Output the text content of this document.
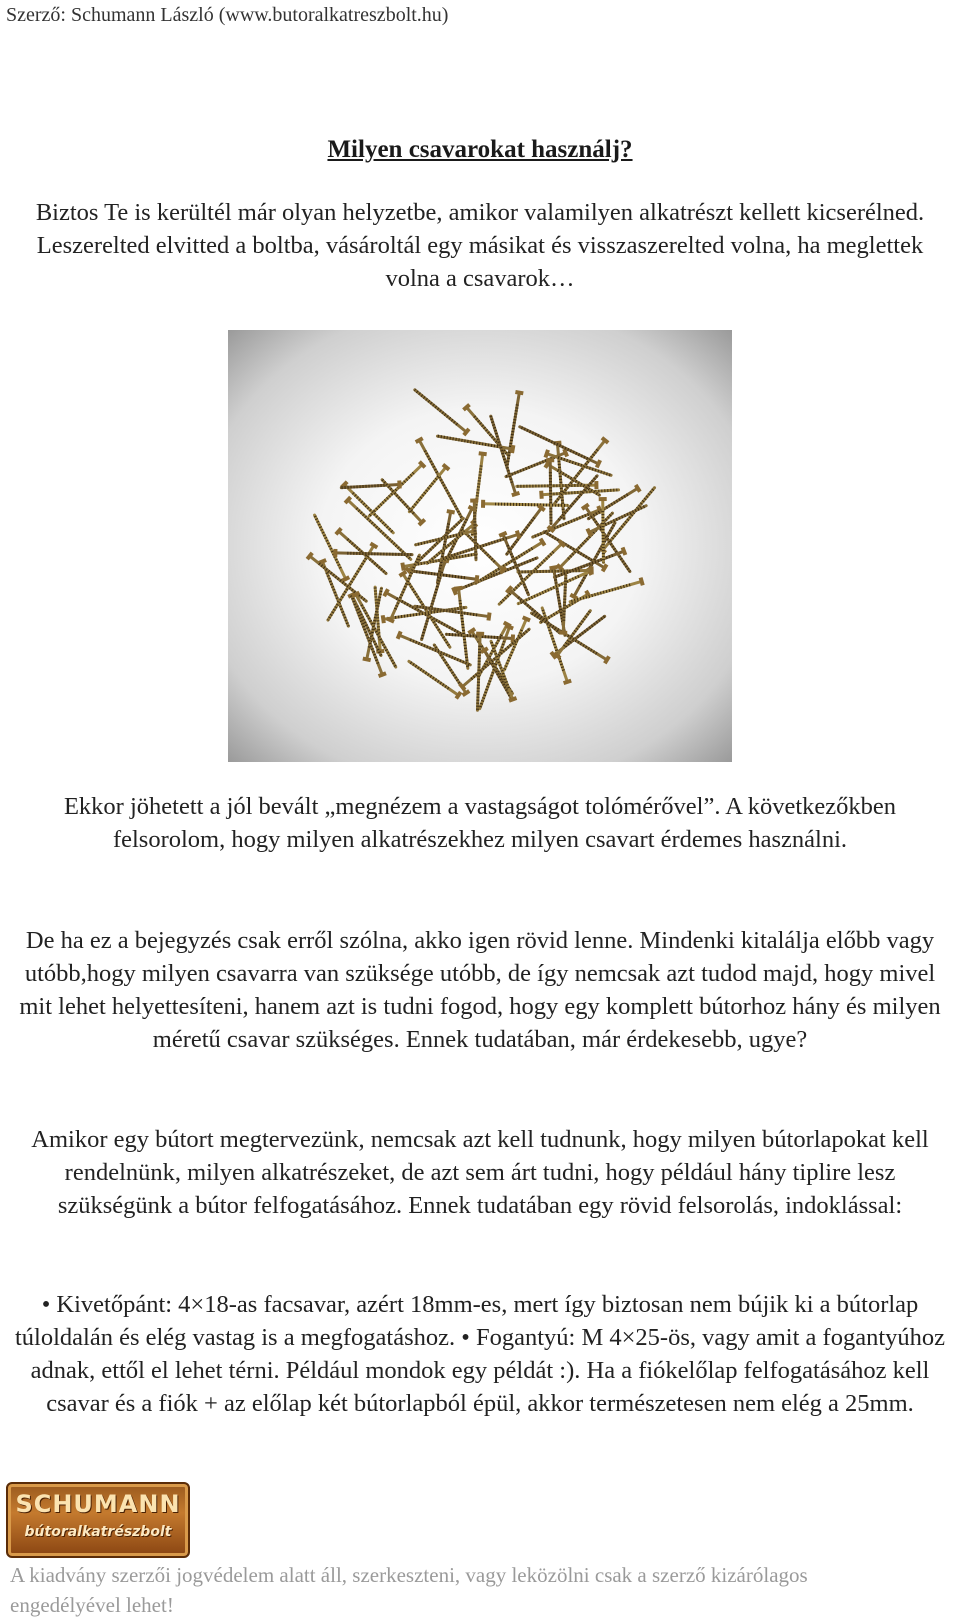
Szerző: Schumann László (www.butoralkatreszbolt.hu)
Milyen csavarokat használj?
Biztos Te is kerültél már olyan helyzetbe, amikor valamilyen alkatrészt kellett kicserélned. Leszerelted elvitted a boltba, vásároltál egy másikat és visszaszerelted volna, ha meglettek volna a csavarok…
Ekkor jöhetett a jól bevált „megnézem a vastagságot tolómérővel”. A következőkben felsorolom, hogy milyen alkatrészekhez milyen csavart érdemes használni.
De ha ez a bejegyzés csak erről szólna, akko igen rövid lenne. Mindenki kitalálja előbb vagy utóbb,hogy milyen csavarra van szüksége utóbb, de így nemcsak azt tudod majd, hogy mivel mit lehet helyettesíteni, hanem azt is tudni fogod, hogy egy komplett bútorhoz hány és milyen méretű csavar szükséges. Ennek tudatában, már érdekesebb, ugye?
Amikor egy bútort megtervezünk, nemcsak azt kell tudnunk, hogy milyen bútorlapokat kell rendelnünk, milyen alkatrészeket, de azt sem árt tudni, hogy például hány tiplire lesz szükségünk a bútor felfogatásához. Ennek tudatában egy rövid felsorolás, indoklással:
• Kivetőpánt: 4×18-as facsavar, azért 18mm-es, mert így biztosan nem bújik ki a bútorlap túloldalán és elég vastag is a megfogatáshoz. • Fogantyú: M 4×25-ös, vagy amit a fogantyúhoz adnak, ettől el lehet térni. Például mondok egy példát :). Ha a fiókelőlap felfogatásához kell csavar és a fiók + az előlap két bútorlapból épül, akkor természetesen nem elég a 25mm.
SCHUMANN
bútoralkatrészbolt
A kiadvány szerzői jogvédelem alatt áll, szerkeszteni, vagy leközölni csak a szerző kizárólagos engedélyével lehet!
